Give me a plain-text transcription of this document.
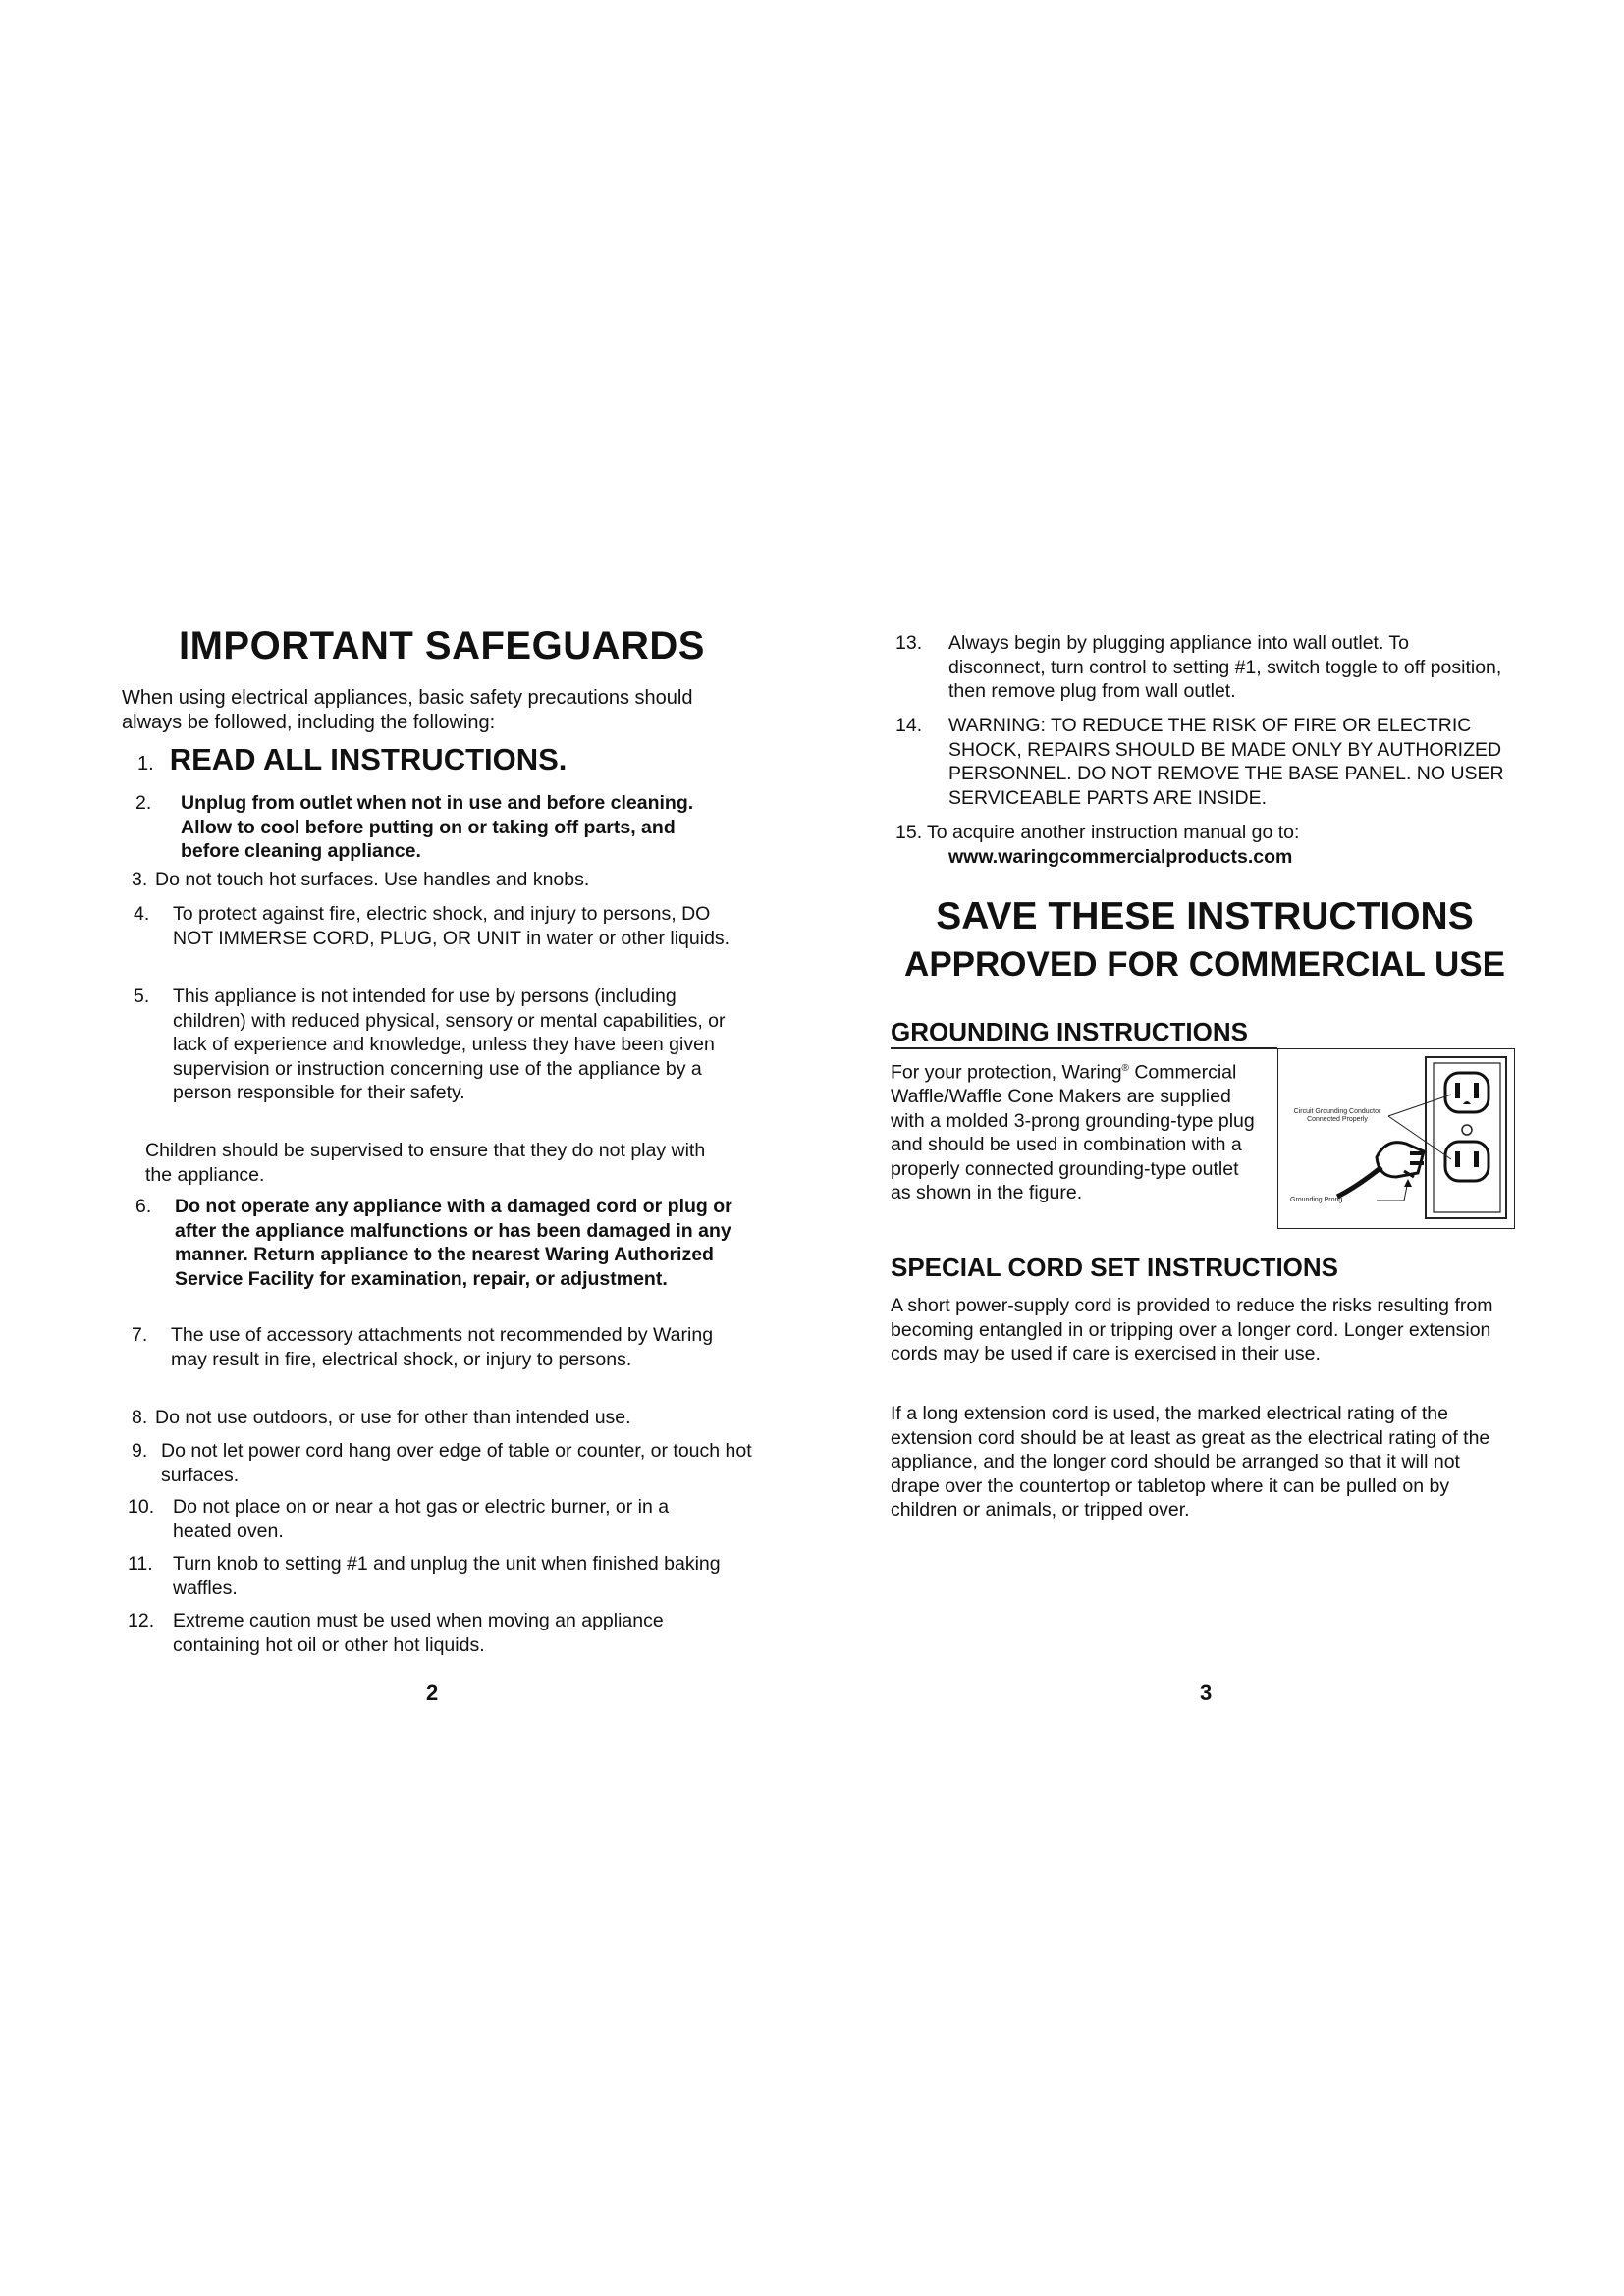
IMPORTANT SAFEGUARDS

When using electrical appliances, basic safety precautions should always be followed, including the following:

1. READ ALL INSTRUCTIONS.
2. Unplug from outlet when not in use and before cleaning. Allow to cool before putting on or taking off parts, and before cleaning appliance.
3. Do not touch hot surfaces. Use handles and knobs.
4. To protect against fire, electric shock, and injury to persons, DO NOT IMMERSE CORD, PLUG, OR UNIT in water or other liquids.
5. This appliance is not intended for use by persons (including children) with reduced physical, sensory or mental capabilities, or lack of experience and knowledge, unless they have been given supervision or instruction concerning use of the appliance by a person responsible for their safety.
Children should be supervised to ensure that they do not play with the appliance.
6. Do not operate any appliance with a damaged cord or plug or after the appliance malfunctions or has been damaged in any manner. Return appliance to the nearest Waring Authorized Service Facility for examination, repair, or adjustment.
7. The use of accessory attachments not recommended by Waring may result in fire, electrical shock, or injury to persons.
8. Do not use outdoors, or use for other than intended use.
9. Do not let power cord hang over edge of table or counter, or touch hot surfaces.
10. Do not place on or near a hot gas or electric burner, or in a heated oven.
11. Turn knob to setting #1 and unplug the unit when finished baking waffles.
12. Extreme caution must be used when moving an appliance containing hot oil or other hot liquids.
2
13. Always begin by plugging appliance into wall outlet. To disconnect, turn control to setting #1, switch toggle to off position, then remove plug from wall outlet.
14. WARNING: TO REDUCE THE RISK OF FIRE OR ELECTRIC SHOCK, REPAIRS SHOULD BE MADE ONLY BY AUTHORIZED PERSONNEL. DO NOT REMOVE THE BASE PANEL. NO USER SERVICEABLE PARTS ARE INSIDE.
15. To acquire another instruction manual go to:
www.waringcommercialproducts.com
SAVE THESE INSTRUCTIONS
APPROVED FOR COMMERCIAL USE
GROUNDING INSTRUCTIONS

For your protection, Waring® Commercial Waffle/Waffle Cone Makers are supplied with a molded 3-prong grounding-type plug and should be used in combination with a properly connected grounding-type outlet as shown in the figure.

Circuit Grounding Conductor Connected Properly
Grounding Prong
SPECIAL CORD SET INSTRUCTIONS

A short power-supply cord is provided to reduce the risks resulting from becoming entangled in or tripping over a longer cord. Longer extension cords may be used if care is exercised in their use.

If a long extension cord is used, the marked electrical rating of the extension cord should be at least as great as the electrical rating of the appliance, and the longer cord should be arranged so that it will not drape over the countertop or tabletop where it can be pulled on by children or animals, or tripped over.

3
